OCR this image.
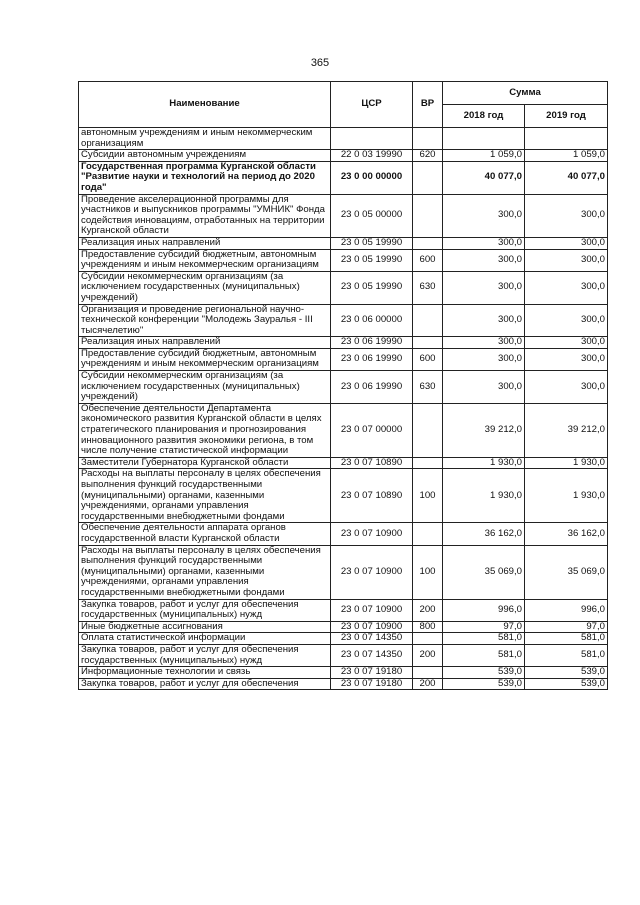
365
Наименование	ЦСР	ВР	Сумма	
			2018 год	2019 год
автономным учреждениям и иным некоммерческим организациям				
Субсидии автономным учреждениям	22 0 03 19990	620	1 059,0	1 059,0
Государственная программа Курганской области "Развитие науки и технологий на период до 2020 года"	23 0 00 00000		40 077,0	40 077,0
Проведение акселерационной программы для участников и выпускников программы "УМНИК" Фонда содействия инновациям, отработанных на территории Курганской области	23 0 05 00000		300,0	300,0
Реализация иных направлений	23 0 05 19990		300,0	300,0
Предоставление субсидий бюджетным, автономным учреждениям и иным некоммерческим организациям	23 0 05 19990	600	300,0	300,0
Субсидии некоммерческим организациям (за исключением государственных (муниципальных) учреждений)	23 0 05 19990	630	300,0	300,0
Организация и проведение региональной научно-технической конференции "Молодежь Зауралья - III тысячелетию"	23 0 06 00000		300,0	300,0
Реализация иных направлений	23 0 06 19990		300,0	300,0
Предоставление субсидий бюджетным, автономным учреждениям и иным некоммерческим организациям	23 0 06 19990	600	300,0	300,0
Субсидии некоммерческим организациям (за исключением государственных (муниципальных) учреждений)	23 0 06 19990	630	300,0	300,0
Обеспечение деятельности Департамента экономического развития Курганской области в целях стратегического планирования и прогнозирования инновационного развития экономики региона, в том числе получение статистической информации	23 0 07 00000		39 212,0	39 212,0
Заместители Губернатора Курганской области	23 0 07 10890		1 930,0	1 930,0
Расходы на выплаты персоналу в целях обеспечения выполнения функций государственными (муниципальными) органами, казенными учреждениями, органами управления государственными внебюджетными фондами	23 0 07 10890	100	1 930,0	1 930,0
Обеспечение деятельности аппарата органов государственной власти Курганской области	23 0 07 10900		36 162,0	36 162,0
Расходы на выплаты персоналу в целях обеспечения выполнения функций государственными (муниципальными) органами, казенными учреждениями, органами управления государственными внебюджетными фондами	23 0 07 10900	100	35 069,0	35 069,0
Закупка товаров, работ и услуг для обеспечения государственных (муниципальных) нужд	23 0 07 10900	200	996,0	996,0
Иные бюджетные ассигнования	23 0 07 10900	800	97,0	97,0
Оплата статистической информации	23 0 07 14350		581,0	581,0
Закупка товаров, работ и услуг для обеспечения государственных (муниципальных) нужд	23 0 07 14350	200	581,0	581,0
Информационные технологии и связь	23 0 07 19180		539,0	539,0
Закупка товаров, работ и услуг для обеспечения	23 0 07 19180	200	539,0	539,0
